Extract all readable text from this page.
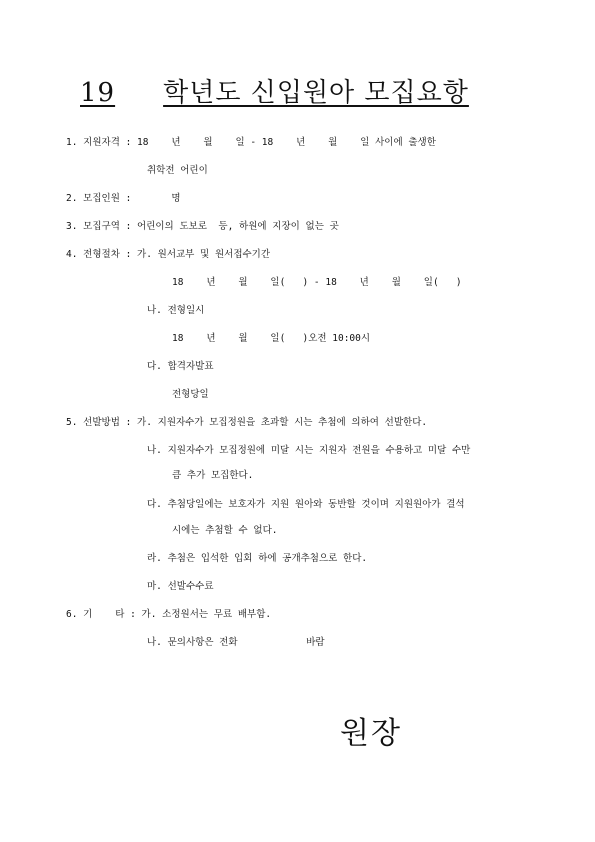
19 학년도 신입원아 모집요항
1. 지원자격 : 18    년    월    일 - 18    년    월    일 사이에 출생한
취학전 어린이
2. 모집인원 :       명
3. 모집구역 : 어린이의 도보로  등, 하원에 지장이 없는 곳
4. 전형절차 : 가. 원서교부 및 원서접수기간
18    년    월    일(   ) - 18    년    월    일(   )
나. 전형일시
18    년    월    일(   )오전 10:00시
다. 합격자발표
전형당일
5. 선발방법 : 가. 지원자수가 모집정원을 초과할 시는 추첨에 의하여 선발한다.
나. 지원자수가 모집정원에 미달 시는 지원자 전원을 수용하고 미달 수만
큼 추가 모집한다.
다. 추첨당일에는 보호자가 지원 원아와 동반할 것이며 지원원아가 결석
시에는 추첨할 수 없다.
라. 추첨은 입석한 입회 하에 공개추첨으로 한다.
마. 선발수수료
6. 기    타 : 가. 소정원서는 무료 배부함.
나. 문의사항은 전화            바람
원장
